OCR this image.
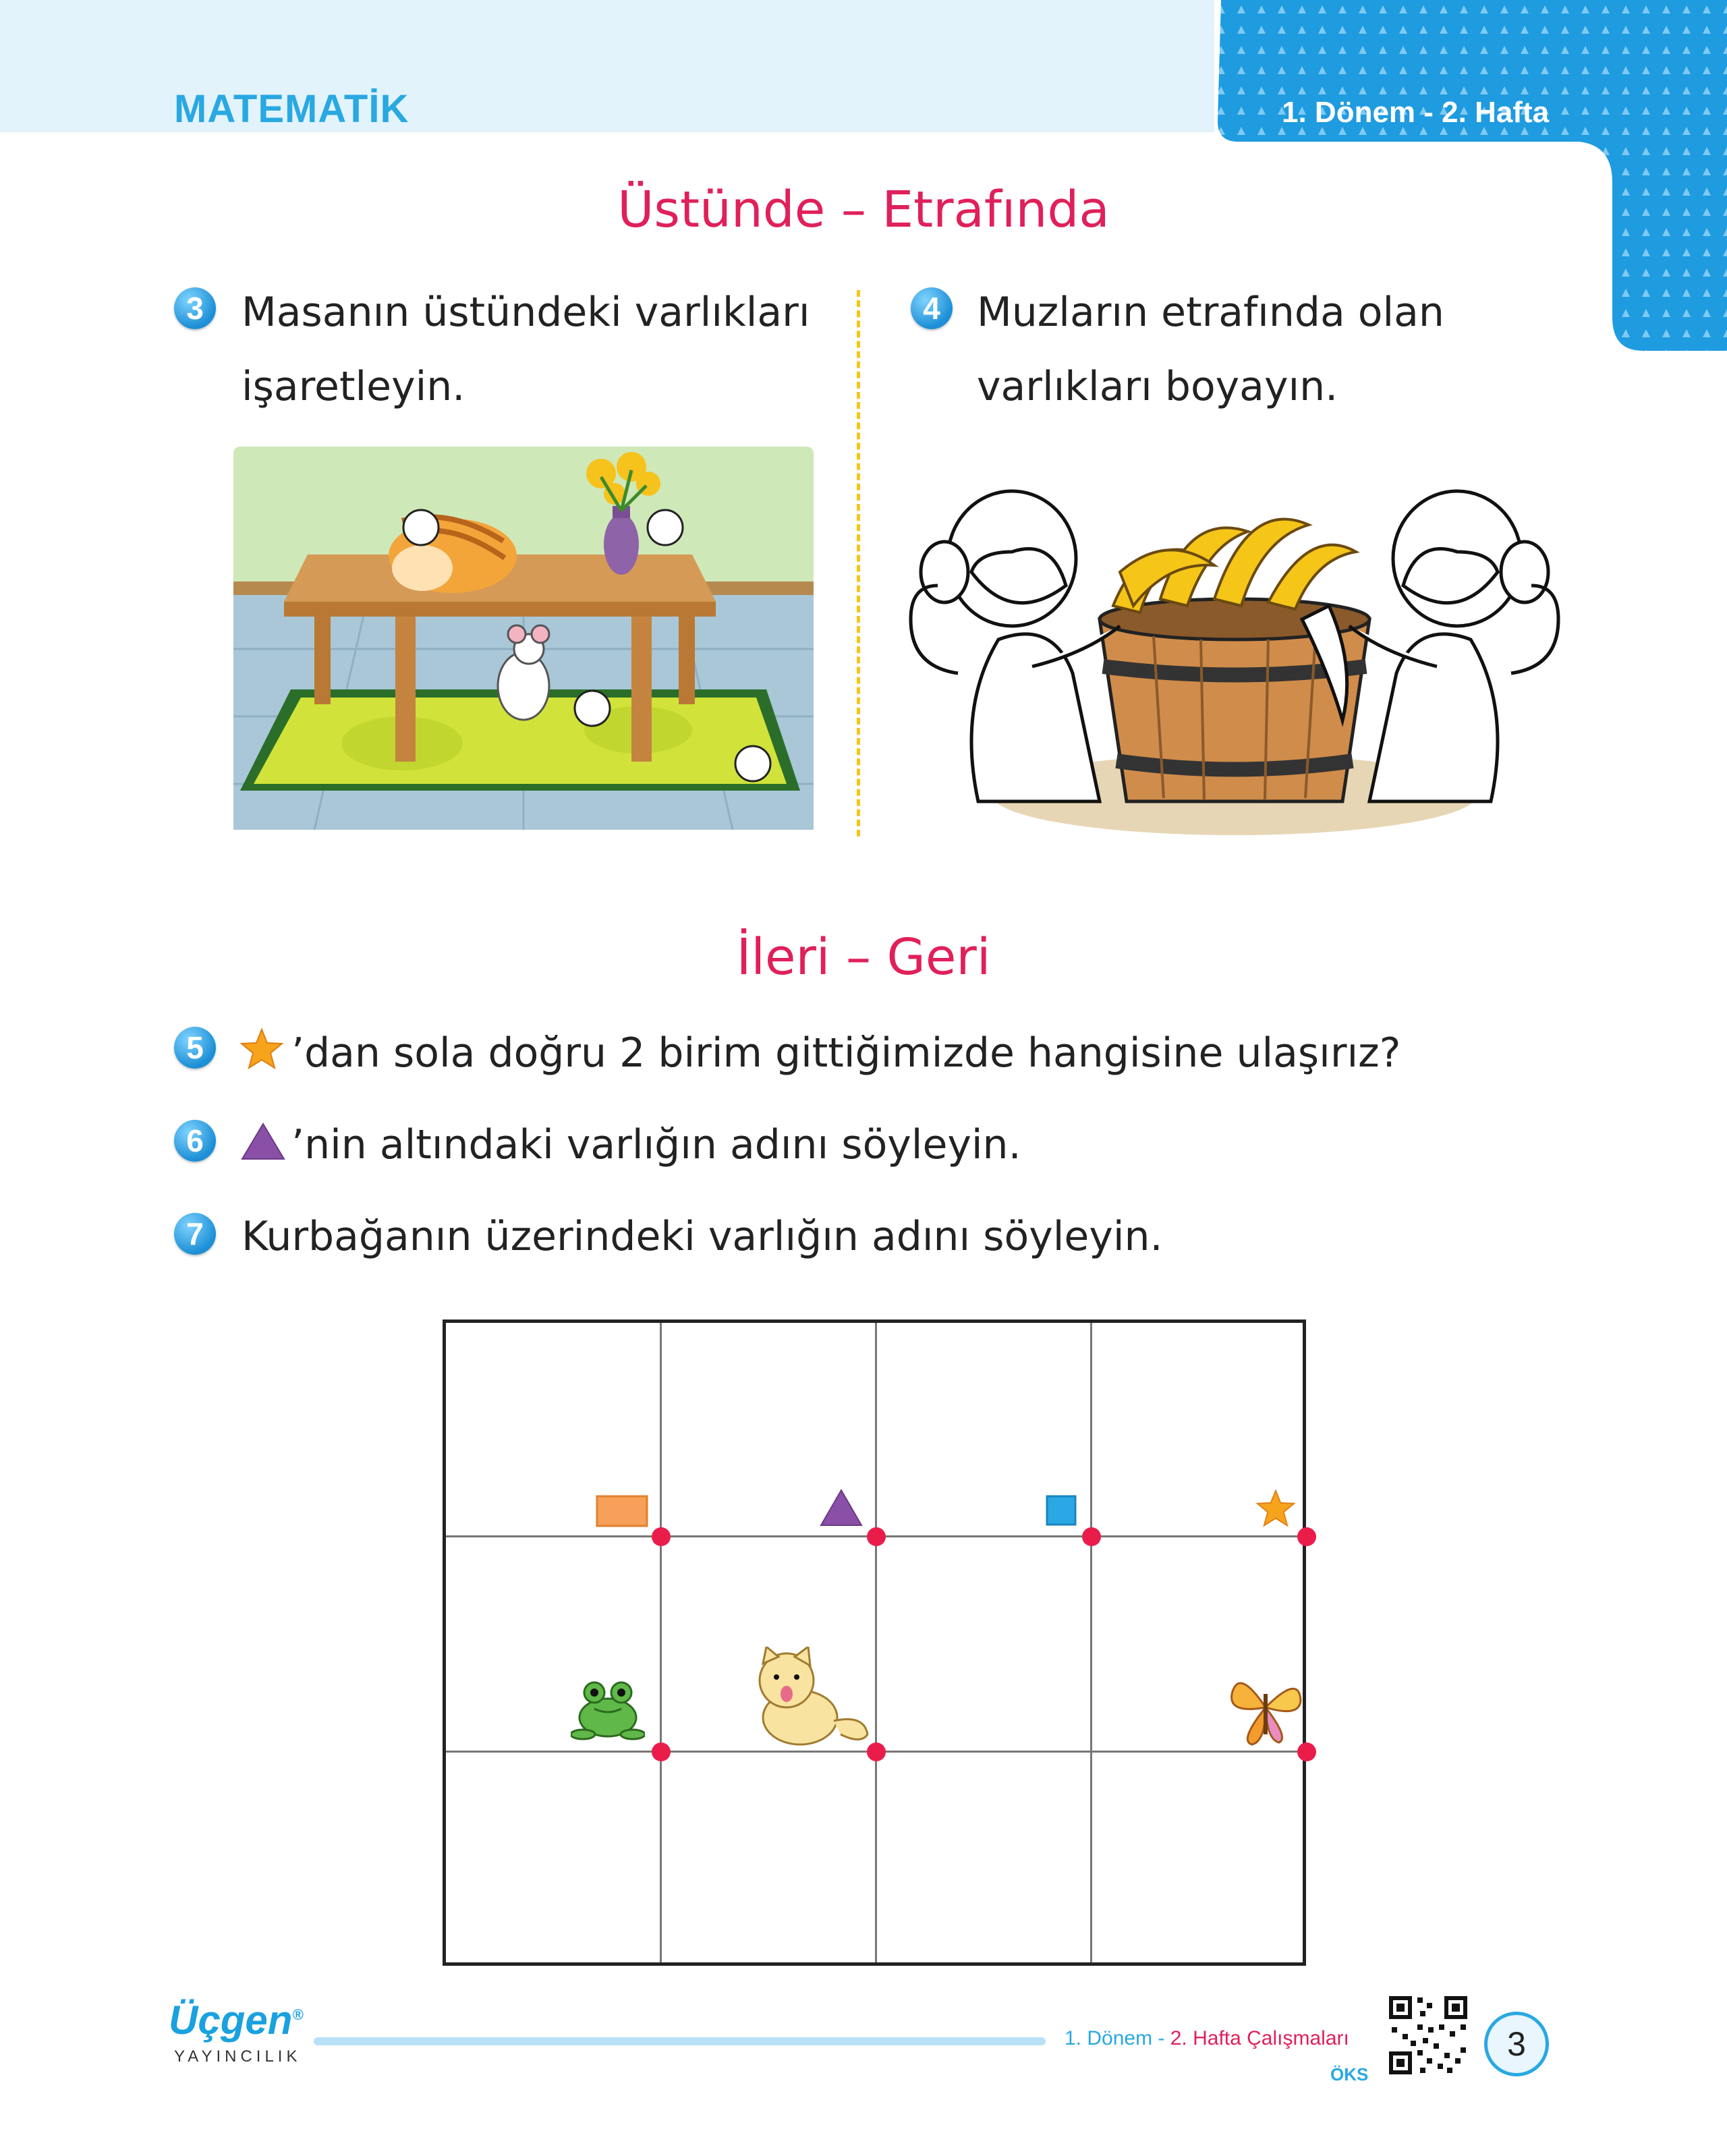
MATEMATİK	1. Dönem - 2. Hafta
Üstünde – Etrafında
3 Masanın üstündeki varlıkları
işaretleyin.
4 Muzların etrafında olan
varlıkları boyayın.
İleri – Geri
5	’dan sola doğru 2 birim gittiğimizde hangisine ulaşırız?
6	’nin altındaki varlığın adını söyleyin.
7 Kurbağanın üzerindeki varlığın adını söyleyin.
Üçgen®
YAYINCILIK
1. Dönem - 2. Hafta Çalışmaları
ÖKS
3
